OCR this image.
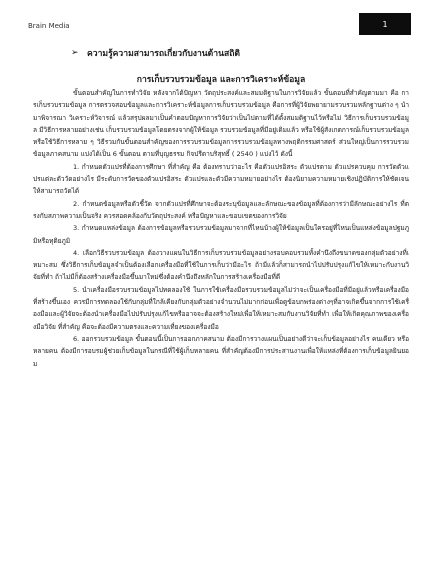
Brain Media	1
➢ ความรู้ความสามารถเกี่ยวกับงานด้านสถิติ
การเก็บรวบรวมข้อมูล และการวิเคราะห์ข้อมูล

ขั้นตอนสำคัญในการทำวิจัย หลังจากได้ปัญหา วัตถุประสงค์และสมมติฐานในการวิจัยแล้ว ขั้นตอนที่สำคัญตามมา คือ การเก็บรวบรวมข้อมูล การตรวจสอบข้อมูลและการวิเคราะห์ข้อมูลการเก็บรวบรวมข้อมูล คือการที่ผู้วิจัยพยายามรวบรวมหลักฐานต่าง ๆ นำมาพิจารณา วิเคราะห์วิจารณ์ แล้วสรุปผลมาเป็นคำตอบปัญหาการวิจัยว่าเป็นไปตามที่ได้ตั้งสมมติฐานไว้หรือไม่ วิธีการเก็บรวบรวมข้อมูล มีวิธีการหลายอย่างเช่น เก็บรวบรวมข้อมูลโดยตรงจากผู้ให้ข้อมูล รวบรวมข้อมูลที่มีอยู่เดิมแล้ว หรือใช้ผู้สังเกตการณ์เก็บรวบรวมข้อมูล หรือใช้วิธีการหลาย ๆ วิธีรวมกันขั้นตอนสำคัญของการรวบรวมข้อมูลการรวบรวมข้อมูลทางพฤติกรรมศาสตร์ ส่วนใหญ่เป็นการรวบรวมข้อมูลภาคสนาม แบ่งได้เป็น 6 ขั้นตอน ตามที่บุญธรรม กิจปรีดาบริสุทธิ์ ( 2540 ) แบ่งไว้ ดังนี้

1. กำหนดตัวแปรที่ต้องการศึกษา ที่สำคัญ คือ ต้องทราบว่าอะไร คือตัวแปรอิสระ ตัวแปรตาม ตัวแปรควบคุม การวัดตัวแปรแต่ละตัววัดอย่างไร มีระดับการวัดของตัวแปรอิสระ ตัวแปรและตัวมีความหมายอย่างไร ต้องนิยามความหมายเชิงปฏิบัติการให้ชัดเจนให้สามารถวัดได้

2. กำหนดข้อมูลหรือตัวชี้วัด จากตัวแปรที่ศึกษาจะต้องระบุข้อมูลและลักษณะของข้อมูลที่ต้องการว่ามีลักษณะอย่างไร ที่ตรงกับสภาพความเป็นจริง ควรสอดคล้องกับวัตถุประสงค์ หรือปัญหาและขอบเขตของการวิจัย

3. กำหนดแหล่งข้อมูล ต้องการข้อมูลหรือรวบรวมข้อมูลมาจากที่ไหนบ้างผู้ให้ข้อมูลเป็นใครอยู่ที่ไหนเป็นแหล่งข้อมูลปฐมภูมิหรือทุติยภูมิ

4. เลือกวิธีรวบรวมข้อมูล ต้องวางแผนในวิธีการเก็บรวบรวมข้อมูลอย่างรอบคอบรวมทั้งคำนึงถึงขนาดของกลุ่มตัวอย่างที่เหมาะสม ซึ่งวิธีการเก็บข้อมูลจำเป็นต้องเลือกเครื่องมือที่ใช้ในการเก็บว่ามีอะไร ถ้ามีแล้วก็สามารถนำไปปรับปรุงแก้ไขให้เหมาะกับงานวิจัยที่ทำ ถ้าไม่มีก็ต้องสร้างเครื่องมือขึ้นมาใหม่ซึ่งต้องคำนึงถึงหลักในการสร้างเครื่องมือที่ดี

5. นำเครื่องมือรวบรวมข้อมูลไปทดลองใช้ ในการใช้เครื่องมือรวบรวมข้อมูลไม่ว่าจะเป็นเครื่องมือที่มีอยู่แล้วหรือเครื่องมือที่สร้างขึ้นเอง ควรมีการทดลองใช้กับกลุ่มที่ใกล้เคียงกับกลุ่มตัวอย่างจำนวนไม่มากก่อนเพื่อดูข้อบกพร่องต่างๆที่อาจเกิดขึ้นจากการใช้เครื่องมือและผู้วิจัยจะต้องนำเครื่องมือไปปรับปรุงแก้ไขหรืออาจจะต้องสร้างใหม่เพื่อให้เหมาะสมกับงานวิจัยที่ทำ เพื่อให้เกิดคุณภาพของเครื่องมือวิจัย ที่สำคัญ คือจะต้องมีความตรงและความเที่ยงของเครื่องมือ

6. ออกรวบรวมข้อมูล ขั้นตอนนี้เป็นการออกภาคสนาม ต้องมีการวางแผนเป็นอย่างดีว่าจะเก็บข้อมูลอย่างไร คนเดียว หรือหลายคน ต้องมีการอบรมผู้ช่วยเก็บข้อมูลในกรณีที่ใช้ผู้เก็บหลายคน ที่สำคัญต้องมีการประสานงานเพื่อให้แหล่งที่ต้องการเก็บข้อมูลยินยอม
